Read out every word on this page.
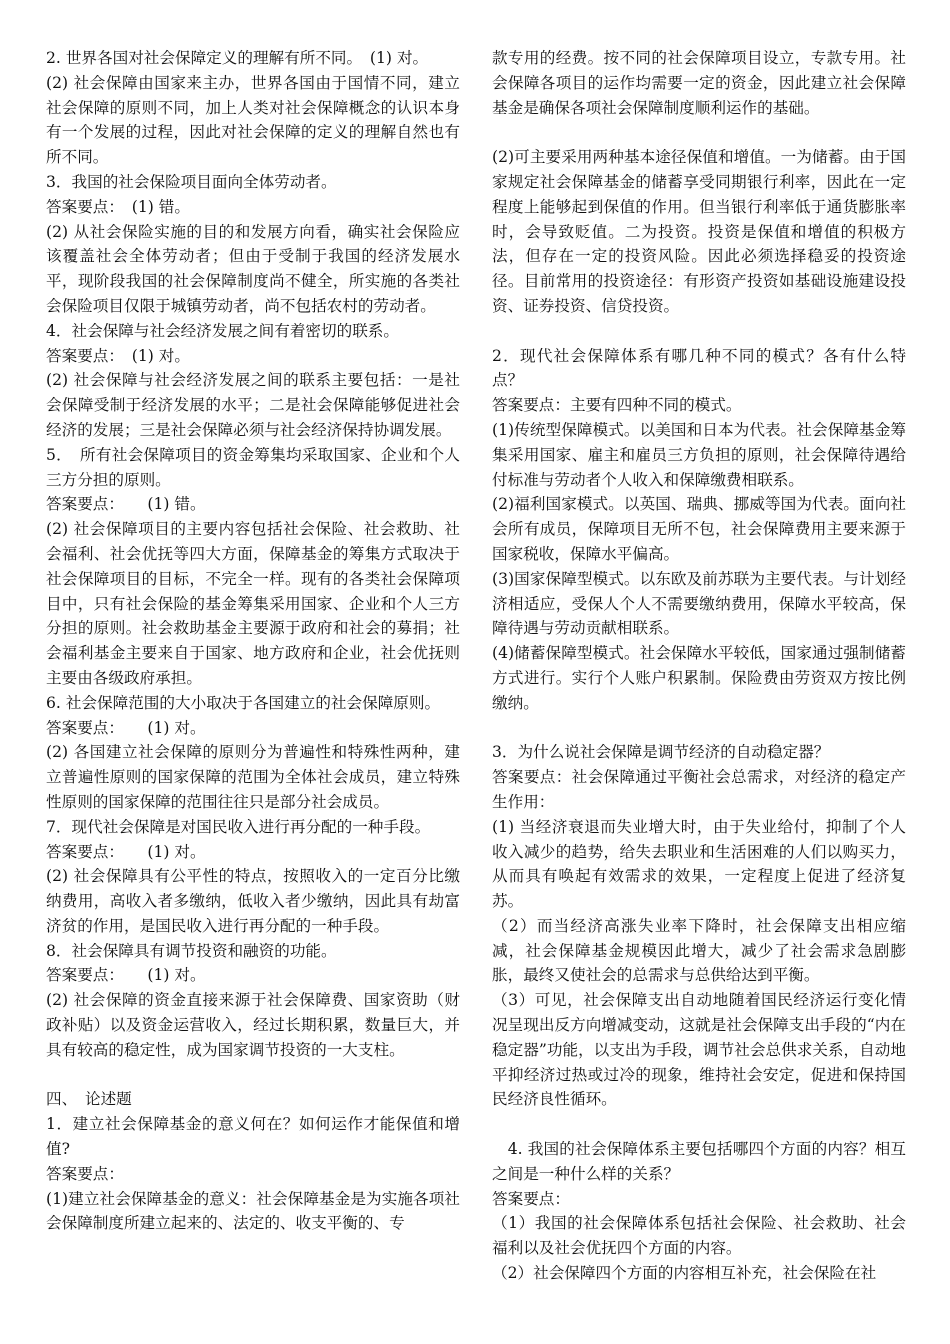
2. 世界各国对社会保障定义的理解有所不同。　(1) 对。

(2) 社会保障由国家来主办，世界各国由于国情不同，建立社会保障的原则不同，加上人类对社会保障概念的认识本身有一个发展的过程，因此对社会保障的定义的理解自然也有所不同。

3．我国的社会保险项目面向全体劳动者。

答案要点：　(1) 错。

(2) 从社会保险实施的目的和发展方向看，确实社会保险应该覆盖社会全体劳动者；但由于受制于我国的经济发展水平，现阶段我国的社会保障制度尚不健全，所实施的各类社会保险项目仅限于城镇劳动者，尚不包括农村的劳动者。

4．社会保障与社会经济发展之间有着密切的联系。

答案要点：　(1) 对。

(2) 社会保障与社会经济发展之间的联系主要包括：一是社会保障受制于经济发展的水平；二是社会保障能够促进社会经济的发展；三是社会保障必须与社会经济保持协调发展。

5．　所有社会保障项目的资金筹集均采取国家、企业和个人三方分担的原则。

答案要点：　　(1) 错。

(2) 社会保障项目的主要内容包括社会保险、社会救助、社会福利、社会优抚等四大方面，保障基金的筹集方式取决于社会保障项目的目标，不完全一样。现有的各类社会保障项目中，只有社会保险的基金筹集采用国家、企业和个人三方分担的原则。社会救助基金主要源于政府和社会的募捐；社会福利基金主要来自于国家、地方政府和企业，社会优抚则主要由各级政府承担。

6. 社会保障范围的大小取决于各国建立的社会保障原则。

答案要点：　　(1) 对。

(2) 各国建立社会保障的原则分为普遍性和特殊性两种，建立普遍性原则的国家保障的范围为全体社会成员，建立特殊性原则的国家保障的范围往往只是部分社会成员。

7．现代社会保障是对国民收入进行再分配的一种手段。

答案要点：　　(1) 对。

(2) 社会保障具有公平性的特点，按照收入的一定百分比缴纳费用，高收入者多缴纳，低收入者少缴纳，因此具有劫富济贫的作用，是国民收入进行再分配的一种手段。

8．社会保障具有调节投资和融资的功能。

答案要点：　　(1) 对。

(2) 社会保障的资金直接来源于社会保障费、国家资助（财政补贴）以及资金运营收入，经过长期积累，数量巨大，并具有较高的稳定性，成为国家调节投资的一大支柱。

四、　论述题

1．建立社会保障基金的意义何在？如何运作才能保值和增值?

答案要点：

(1)建立社会保障基金的意义：社会保障基金是为实施各项社会保障制度所建立起来的、法定的、收支平衡的、专

款专用的经费。按不同的社会保障项目设立，专款专用。社会保障各项目的运作均需要一定的资金，因此建立社会保障基金是确保各项社会保障制度顺利运作的基础。

(2)可主要采用两种基本途径保值和增值。一为储蓄。由于国家规定社会保障基金的储蓄享受同期银行利率，因此在一定程度上能够起到保值的作用。但当银行利率低于通货膨胀率时，会导致贬值。二为投资。投资是保值和增值的积极方法，但存在一定的投资风险。因此必须选择稳妥的投资途径。目前常用的投资途径：有形资产投资如基础设施建设投资、证券投资、信贷投资。

2．现代社会保障体系有哪几种不同的模式？各有什么特点？

答案要点：主要有四种不同的模式。

(1)传统型保障模式。以美国和日本为代表。社会保障基金筹集采用国家、雇主和雇员三方负担的原则，社会保障待遇给付标准与劳动者个人收入和保障缴费相联系。

(2)福利国家模式。以英国、瑞典、挪威等国为代表。面向社会所有成员，保障项目无所不包，社会保障费用主要来源于国家税收，保障水平偏高。

(3)国家保障型模式。以东欧及前苏联为主要代表。与计划经济相适应，受保人个人不需要缴纳费用，保障水平较高，保障待遇与劳动贡献相联系。

(4)储蓄保障型模式。社会保障水平较低，国家通过强制储蓄方式进行。实行个人账户积累制。保险费由劳资双方按比例缴纳。

3．为什么说社会保障是调节经济的自动稳定器？

答案要点：社会保障通过平衡社会总需求，对经济的稳定产生作用：

(1) 当经济衰退而失业增大时，由于失业给付，抑制了个人收入减少的趋势，给失去职业和生活困难的人们以购买力，从而具有唤起有效需求的效果，一定程度上促进了经济复苏。

（2）而当经济高涨失业率下降时，社会保障支出相应缩减，社会保障基金规模因此增大，减少了社会需求急剧膨胀，最终又使社会的总需求与总供给达到平衡。

（3）可见，社会保障支出自动地随着国民经济运行变化情况呈现出反方向增减变动，这就是社会保障支出手段的“内在稳定器”功能，以支出为手段，调节社会总供求关系，自动地平抑经济过热或过冷的现象，维持社会安定，促进和保持国民经济良性循环。

　4. 我国的社会保障体系主要包括哪四个方面的内容？相互之间是一种什么样的关系？

答案要点：

（1）我国的社会保障体系包括社会保险、社会救助、社会福利以及社会优抚四个方面的内容。

（2）社会保障四个方面的内容相互补充，社会保险在社
